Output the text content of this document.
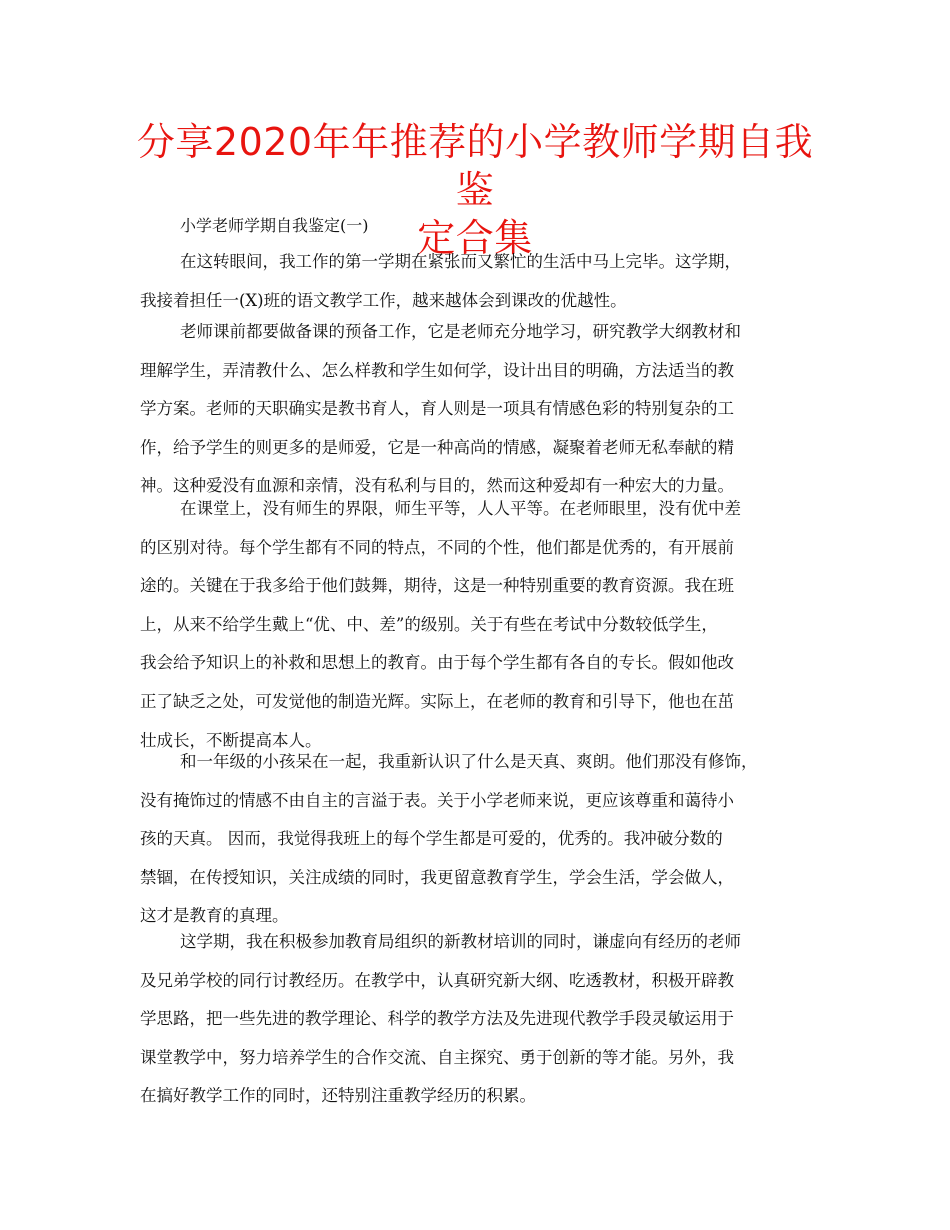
分享2020年年推荐的小学教师学期自我鉴
定合集

小学老师学期自我鉴定(一)

在这转眼间，我工作的第一学期在紧张而又繁忙的生活中马上完毕。这学期，
我接着担任一(X)班的语文教学工作，越来越体会到课改的优越性。
老师课前都要做备课的预备工作，它是老师充分地学习，研究教学大纲教材和
理解学生，弄清教什么、怎么样教和学生如何学，设计出目的明确，方法适当的教
学方案。老师的天职确实是教书育人，育人则是一项具有情感色彩的特别复杂的工
作，给予学生的则更多的是师爱，它是一种高尚的情感，凝聚着老师无私奉献的精
神。这种爱没有血源和亲情，没有私利与目的，然而这种爱却有一种宏大的力量。
在课堂上，没有师生的界限，师生平等，人人平等。在老师眼里，没有优中差
的区别对待。每个学生都有不同的特点，不同的个性，他们都是优秀的，有开展前
途的。关键在于我多给于他们鼓舞，期待，这是一种特别重要的教育资源。我在班
上，从来不给学生戴上“优、中、差”的级别。关于有些在考试中分数较低学生，
我会给予知识上的补救和思想上的教育。由于每个学生都有各自的专长。假如他改
正了缺乏之处，可发觉他的制造光辉。实际上，在老师的教育和引导下，他也在茁
壮成长，不断提高本人。
和一年级的小孩呆在一起，我重新认识了什么是天真、爽朗。他们那没有修饰，
没有掩饰过的情感不由自主的言溢于表。关于小学老师来说，更应该尊重和蔼待小
孩的天真。 因而，我觉得我班上的每个学生都是可爱的，优秀的。我冲破分数的
禁锢，在传授知识，关注成绩的同时，我更留意教育学生，学会生活，学会做人，
这才是教育的真理。
这学期，我在积极参加教育局组织的新教材培训的同时，谦虚向有经历的老师
及兄弟学校的同行讨教经历。在教学中，认真研究新大纲、吃透教材，积极开辟教
学思路，把一些先进的教学理论、科学的教学方法及先进现代教学手段灵敏运用于
课堂教学中，努力培养学生的合作交流、自主探究、勇于创新的等才能。另外，我
在搞好教学工作的同时，还特别注重教学经历的积累。
